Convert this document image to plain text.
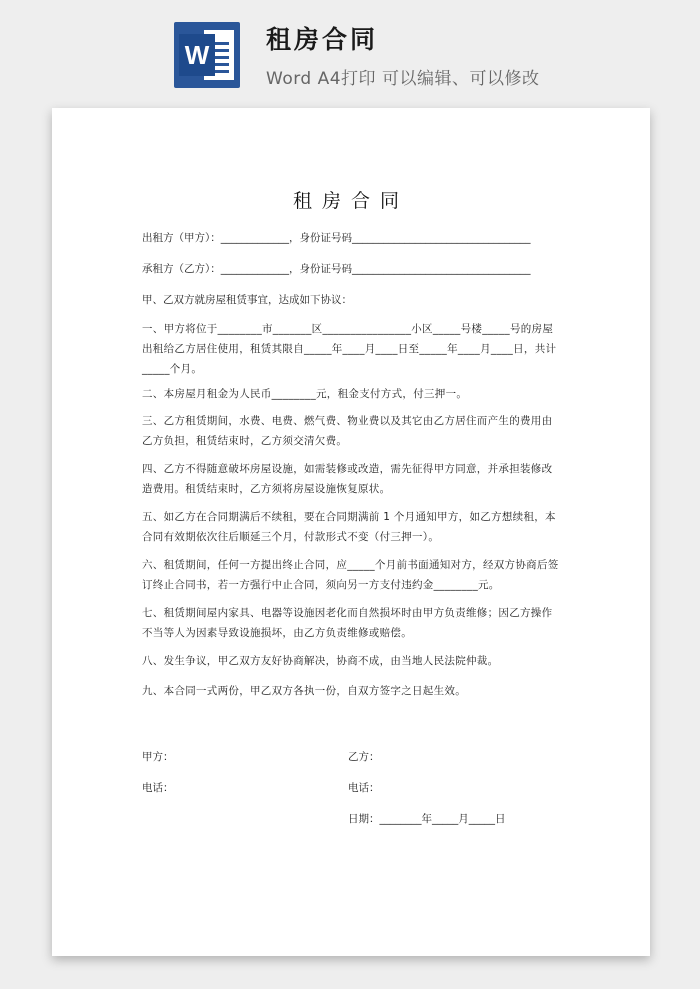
W
租房合同
Word A4打印 可以编辑、可以修改
租房合同
出租方（甲方）：_____________，身份证号码__________________________________
承租方（乙方）：_____________，身份证号码__________________________________
甲、乙双方就房屋租赁事宜，达成如下协议：
一、甲方将位于________市_______区________________小区_____号楼_____号的房屋出租给乙方居住使用，租赁其限自_____年____月____日至_____年____月____日，共计_____个月。
二、本房屋月租金为人民币________元，租金支付方式，付三押一。
三、乙方租赁期间，水费、电费、燃气费、物业费以及其它由乙方居住而产生的费用由乙方负担，租赁结束时，乙方须交清欠费。
四、乙方不得随意破坏房屋设施，如需装修或改造，需先征得甲方同意，并承担装修改造费用。租赁结束时，乙方须将房屋设施恢复原状。
五、如乙方在合同期满后不续租，要在合同期满前 1 个月通知甲方，如乙方想续租，本合同有效期依次往后顺延三个月，付款形式不变（付三押一）。
六、租赁期间，任何一方提出终止合同，应_____个月前书面通知对方，经双方协商后签订终止合同书，若一方强行中止合同，须向另一方支付违约金________元。
七、租赁期间屋内家具、电器等设施因老化而自然损坏时由甲方负责维修；因乙方操作不当等人为因素导致设施损坏，由乙方负责维修或赔偿。
八、发生争议，甲乙双方友好协商解决，协商不成，由当地人民法院仲裁。
九、本合同一式两份，甲乙双方各执一份，自双方签字之日起生效。
甲方：	乙方：
电话：	电话：
日期：________年_____月_____日
